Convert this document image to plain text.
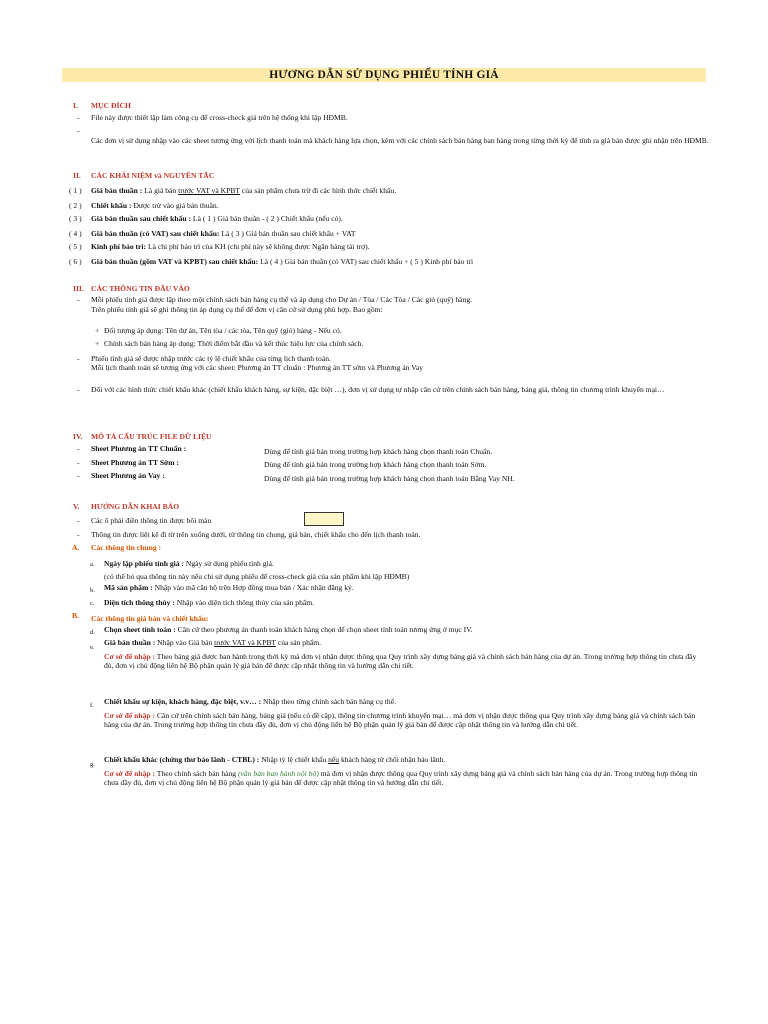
HƯƠNG DẪN SỬ DỤNG PHIẾU TÍNH GIÁ
I. MỤC ĐÍCH
- File này được thiết lập làm công cụ để cross-check giá trên hệ thống khi lập HĐMB.
-
Các đơn vị sử dụng nhập vào các sheet tương ứng với lịch thanh toán mà khách hàng lựa chọn, kèm với các chính sách bán hàng ban hàng trong từng thời kỳ để tính ra giá bán được ghi nhận trên HĐMB.
II. CÁC KHÁI NIỆM và NGUYÊN TẮC
( 1 ) Giá bán thuần : Là giá bán trước VAT và KPBT của sản phẩm chưa trừ đi các hình thức chiết khấu.
( 2 ) Chiết khấu : Được trừ vào giá bán thuần.
( 3 ) Giá bán thuần sau chiết khấu : Là ( 1 ) Giá bán thuần - ( 2 ) Chiết khấu (nếu có).
( 4 ) Giá bán thuần (có VAT) sau chiết khấu: Là ( 3 ) Giá bán thuần sau chiết khấu + VAT
( 5 ) Kinh phí bảo trì: Là chi phí bảo trì của KH (chi phí này sẽ không được Ngân hàng tài trợ).
( 6 ) Giá bán thuần (gồm VAT và KPBT) sau chiết khấu: Là ( 4 ) Giá bán thuần (có VAT) sau chiết khấu + ( 5 ) Kinh phí bảo trì
III. CÁC THÔNG TIN ĐẦU VÀO
- Mỗi phiếu tính giá được lập theo một chính sách bán hàng cụ thể và áp dụng cho Dự án / Tòa / Các Tòa / Các giỏ (quỹ) hàng.
Trên phiếu tính giá sẽ ghi thông tin áp dụng cụ thể để đơn vị căn cứ sử dụng phù hợp. Bao gồm:
+ Đối tượng áp dụng: Tên dự án, Tên tòa / các tòa, Tên quỹ (giỏ) hàng - Nếu có.
+ Chính sách bán hàng áp dụng: Thời điểm bắt đầu và kết thúc hiệu lực của chính sách.
- Phiếu tính giá sẽ được nhập trước các tỷ lệ chiết khấu của từng lịch thanh toán.
Mỗi lịch thanh toán sẽ tương ứng với các sheet: Phương án TT chuẩn : Phương án TT sớm và Phương án Vay
- Đối với các hình thức chiết khấu khác (chiết khấu khách hàng, sự kiện, đặc biệt …), đơn vị sử dụng tự nhập căn cứ trên chính sách bán hàng, bảng giá, thông tin chương trình khuyến mại…
IV. MÔ TẢ CẤU TRÚC FILE DỮ LIỆU
- Sheet Phương án TT Chuẩn :	Dùng để tính giá bán trong trường hợp khách hàng chọn thanh toán Chuẩn.
- Sheet Phương án TT Sớm :	Dùng để tính giá bán trong trường hợp khách hàng chọn thanh toán Sớm.
- Sheet Phương án Vay :	Dùng để tính giá bán trong trường hợp khách hàng chọn thanh toán Bằng Vay NH.
V. HƯỚNG DẪN KHAI BÁO
- Các ô phải điền thông tin được bôi màu
- Thông tin được liệt kê đi từ trên xuống dưới, từ thông tin chung, giá bán, chiết khấu cho đến lịch thanh toán.
A. Các thông tin chung :
a. Ngày lập phiếu tính giá : Ngày sử dụng phiếu tính giá.
(có thể bỏ qua thông tin này nếu chỉ sử dụng phiếu để cross-check giá của sản phẩm khi lập HĐMB)
b. Mã sản phẩm : Nhập vào mã căn hộ trên Hợp đồng mua bán / Xác nhận đăng ký.
c. Diện tích thông thủy : Nhập vào diện tích thông thủy của sản phẩm.
B. Các thông tin giá bán và chiết khấu:
d. Chọn sheet tính toán : Căn cứ theo phương án thanh toán khách hàng chọn để chọn sheet tính toán tương ứng ở mục IV.
e.
Giá bán thuần : Nhập vào Giá bán trước VAT và KPBT của sản phẩm.
Cơ sở để nhập : Theo bảng giá được ban hành trong thời kỳ mà đơn vị nhận được thông qua Quy trình xây dựng bảng giá và chính sách bán hàng của dự án. Trong trường hợp thông tin chưa đầy đủ, đơn vị chủ động liên hệ Bộ phận quản lý giá bán để được cập nhật thông tin và hướng dẫn chi tiết.
f. Chiết khấu sự kiện, khách hàng, đặc biệt, v.v… : Nhập theo từng chính sách bán hàng cụ thể.
Cơ sở để nhập : Căn cứ trên chính sách bán hàng, bảng giá (nếu có đề cập), thông tin chương trình khuyến mại… mà đơn vị nhận được thông qua Quy trình xây dựng bảng giá và chính sách bán hàng của dự án. Trong trường hợp thông tin chưa đầy đủ, đơn vị chủ động liên hệ Bộ phận quản lý giá bán để được cập nhật thông tin và hướng dẫn chi tiết.
g.
Chiết khấu khác (chứng thư bảo lãnh - CTBL) : Nhập tỷ lệ chiết khấu nếu khách hàng từ chối nhận bảo lãnh.
Cơ sở để nhập : Theo chính sách bán hàng (văn bản ban hành nội bộ) mà đơn vị nhận được thông qua Quy trình xây dựng bảng giá và chính sách bán hàng của dự án. Trong trường hợp thông tin chưa đầy đủ, đơn vị chủ động liên hệ Bộ phận quản lý giá bán để được cập nhật thông tin và hướng dẫn chi tiết.
